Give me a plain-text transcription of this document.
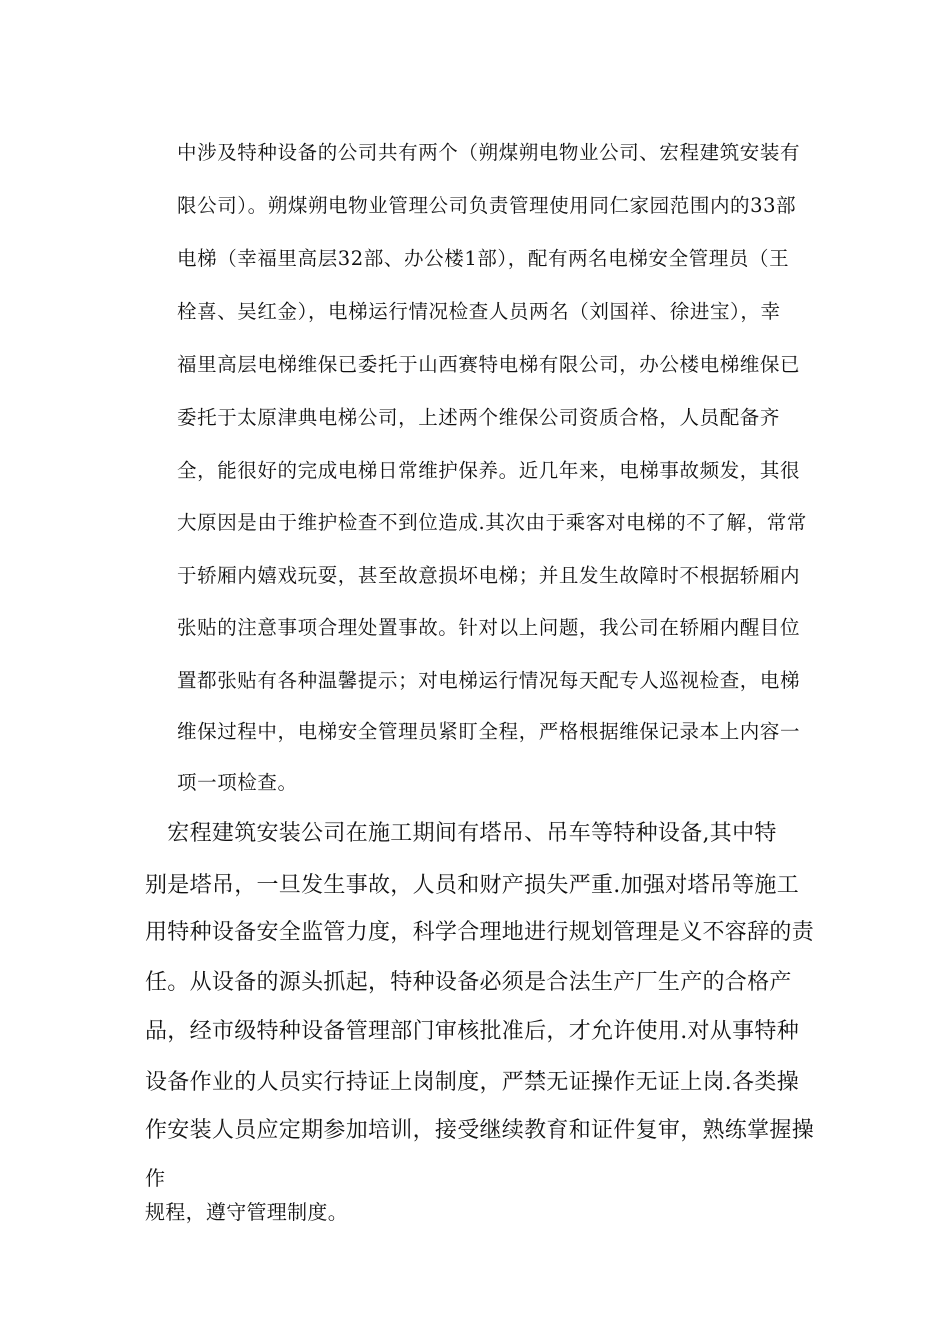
中涉及特种设备的公司共有两个（朔煤朔电物业公司、宏程建筑安装有

限公司）。朔煤朔电物业管理公司负责管理使用同仁家园范围内的33部

电梯（幸福里高层32部、办公楼1部），配有两名电梯安全管理员（王

栓喜、吴红金），电梯运行情况检查人员两名（刘国祥、徐进宝），幸

福里高层电梯维保已委托于山西赛特电梯有限公司，办公楼电梯维保已

委托于太原津典电梯公司，上述两个维保公司资质合格，人员配备齐

全，能很好的完成电梯日常维护保养。近几年来，电梯事故频发，其很

大原因是由于维护检查不到位造成.其次由于乘客对电梯的不了解，常常

于轿厢内嬉戏玩耍，甚至故意损坏电梯；并且发生故障时不根据轿厢内

张贴的注意事项合理处置事故。针对以上问题，我公司在轿厢内醒目位

置都张贴有各种温馨提示；对电梯运行情况每天配专人巡视检查，电梯

维保过程中，电梯安全管理员紧盯全程，严格根据维保记录本上内容一

项一项检查。

　宏程建筑安装公司在施工期间有塔吊、吊车等特种设备,其中特

别是塔吊，一旦发生事故，人员和财产损失严重.加强对塔吊等施工

用特种设备安全监管力度，科学合理地进行规划管理是义不容辞的责

任。从设备的源头抓起，特种设备必须是合法生产厂生产的合格产

品，经市级特种设备管理部门审核批准后，才允许使用.对从事特种

设备作业的人员实行持证上岗制度，严禁无证操作无证上岗.各类操

作安装人员应定期参加培训，接受继续教育和证件复审，熟练掌握操

作

规程，遵守管理制度。
